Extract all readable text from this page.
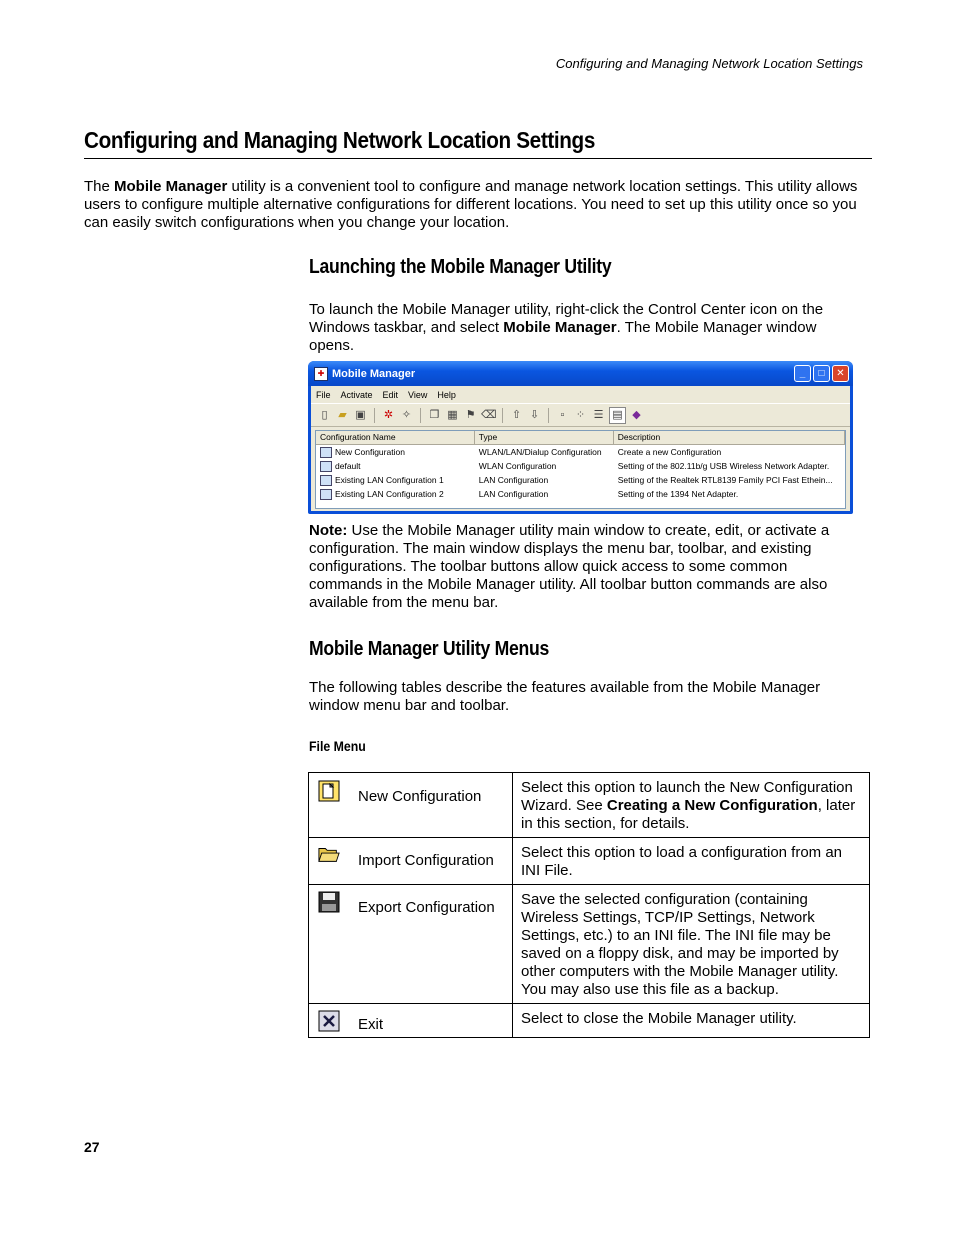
Configuring and Managing Network Location Settings
Configuring and Managing Network Location Settings

The Mobile Manager utility is a convenient tool to configure and manage network location settings. This utility allows users to configure multiple alternative configurations for different locations. You need to set up this utility once so you can easily switch configurations when you change your location.

Launching the Mobile Manager Utility

To launch the Mobile Manager utility, right-click the Control Center icon on the Windows taskbar, and select Mobile Manager. The Mobile Manager window opens.

✚ Mobile Manager	_	□	✕
File Activate Edit View Help
▯ ▰ ▣ ✲ ✧ ❐ ▦ ⚑ ⌫ ⇧ ⇩	▫	⁘ ☰ ▤ ◆
Configuration Name	Type	Description
New Configuration	WLAN/LAN/Dialup Configuration	Create a new Configuration
default	WLAN Configuration	Setting of the 802.11b/g USB Wireless Network Adapter.
Existing LAN Configuration 1	LAN Configuration	Setting of the Realtek RTL8139 Family PCI Fast Ethein...
Existing LAN Configuration 2	LAN Configuration	Setting of the 1394 Net Adapter.

Note: Use the Mobile Manager utility main window to create, edit, or activate a configuration. The main window displays the menu bar, toolbar, and existing configurations. The toolbar buttons allow quick access to some common commands in the Mobile Manager utility. All toolbar button commands are also available from the menu bar.

Mobile Manager Utility Menus

The following tables describe the features available from the Mobile Manager window menu bar and toolbar.

File Menu
New Configuration	Select this option to launch the New Configuration Wizard. See Creating a New Configuration, later in this section, for details.

Import Configuration	Select this option to load a configuration from an INI File.

Export Configuration	Save the selected configuration (containing Wireless Settings, TCP/IP Settings, Network Settings, etc.) to an INI file. The INI file may be saved on a floppy disk, and may be imported by other computers with the Mobile Manager utility. You may also use this file as a backup.

Exit	Select to close the Mobile Manager utility.
27
